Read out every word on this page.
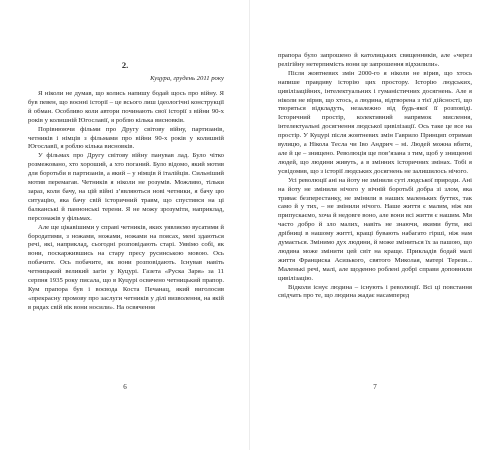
2.

Куцура, грудень 2011 року

Я ніколи не думав, що колись напишу бодай щось про війну. Я був певен, що воєнні історії – це всього лиш ідеологічні конструкції й обман. Особливо коли автори починають свої історії з війни 90-х років у колишній Югославії, я роблю кілька висновків.

Порівнюючи фільми про Другу світову війну, партизанів, четників і німців з фільмами про війни 90-х років у колишній Югославії, я роблю кілька висновків.

У фільмах про Другу світову війну панував лад. Було чітко розмежовано, хто хороший, а хто поганий. Було відомо, який мотив для боротьби в партизанів, а який – у німців й італійців. Сильніший мотив перемагав. Четників я ніколи не розумів. Можливо, тільки зараз, коли бачу, на цій війні з’являються нові четники, я бачу цю ситуацію, яка бачу свій історичний травм, що спустився на ці балканські й паннонські терени. Я не можу зрозуміти, наприклад, персонажів у фільмах.

Але ще цікавішими у справі четників, яких уявляємо вусатими й бородатими, з ножами, ножами, ножами на поясах, мені здаються речі, які, наприклад, сьогодні розповідають старі. Уявімо собі, як вони, поскаржившись на стару пресу русинською мовою. Ось побачите. Ось побачите, як вони розповідають. Існував навіть четницький великий загін у Куцурі. Газета «Руска Заря» за 11 серпня 1935 року писала, що в Куцурі освячено четницький прапор. Кум прапора був і воєвода Коста Печанац, який виголосив «прекрасну промову про заслуги четників у ділі визволення, на якій в рядах свій вік вони носили». На освячення

6

прапора було запрошено й католицьких священників, але «через релігійну нетерпимість вони це запрошення відхилили».

Після жовтневих змін 2000-го я ніколи не вірив, що хтось напише правдиву історію цих простору. Історію людських, цивілізаційних, інтелектуальних і гуманістичних досягнень. Але я ніколи не вірив, що хтось, а людина, відтворена з тієї дійсності, що творяться відкладуть, незалежно від будь-якої її розповіді. Історичний простір, колективний напрямок мислення, інтелектуальні досягнення людської цивілізації. Ось таке це все на простір. У Куцурі після жовтневих змін Гаврило Принцип отримав вулицю, а Нікола Тесла чи Іво Андрич – ні. Людей можна вбити, але й це – знищено. Революція ще пов’язана з тим, щоб у знищенні людей, що людини живуть, а в змінних історичних змінах. Тобі я усвідомив, що з історії людських досягнень не залишилось нічого.

Усі революції ані на йоту не змінили суті людської природи. Ані на йоту не змінили нічого у вічній боротьбі добра зі злом, яка триває безперестанку, не змінили в наших маленьких буттях, так само й у тих, – не змінили нічого. Наше життя є малим, ніж ми припускаємо, хоча й недовге воно, але вони всі життя є нашим. Ми часто добро й зло малих, навіть не знаючи, якими бути, які дрібниці в нашому житті, кращі бувають набагато гірші, ніж нам думається. Змінимо дух людини, й може зміниться їх за пашою, що людина може змінити цей світ на краще. Прикладів бодай малі життя Франциска Асизького, святого Миколая, матері Терези... Маленькі речі, малі, але щоденно роблені добрі справи доповнили цивілізацію.

Відколи існує людина – існують і революції. Всі ці повстання свідчать про те, що людина жадає насамперед

7
